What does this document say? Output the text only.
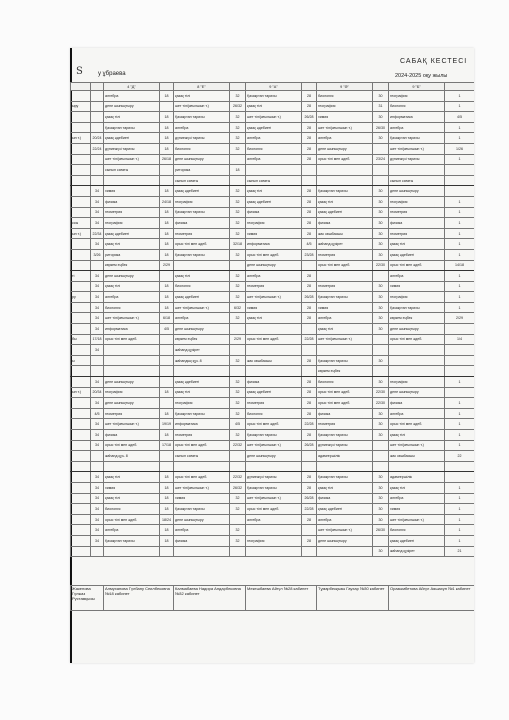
S
САБАҚ КЕСТЕСІ
у ұбраева	2024-2025 оқу жылы
		4 "Д"		8 "Е"		9 "А"		9 "Ә"		9 "Б"	
		алгебра	18	қазақ тілі	32	Қазақстан тарихы	28	биология	30	география	1
ыру		дене шынықтыру		шет тілі(ағылшын т.)	26/32	қазақ тілі	28	география	31	биология	1
		қазақ тілі	18	Қазақстан тарихы	32	шет тілі(ағылшын т.)	26/28	химия	30	информатика	4/5
		Қазақстан тарихы	18	алгебра	32	қазақ әдебиеті	28	шет тілі(ағылшын т.)	26/30	алгебра	1
ын т.)	20/24	қазақ әдебиеті	18	дүниежүзі тарихы	32	алгебра	28	алгебра	30	Қазақстан тарихы	1
	22/24	дүниежүзі тарихы	18	биология	32	биология	28	дене шынықтыру		шет тілі(ағылшын т.)	1/26
		шет тілі(ағылшын т.)	26/18	дене шынықтыру		алгебра	28	орыс тілі мен әдеб.	23/24	дүниежүзі тарихы	1
		сынып сағаты		риторика	18						
				сынып сағаты		сынып сағаты				сынып сағаты	
	34	химия	18	қазақ әдебиеті	32	қазақ тілі	28	Қазақстан тарихы	30	дене шынықтыру	
	34	физика	24/18	география	32	қазақ әдебиеті	28	қазақ тілі	30	география	1
	34	геометрия	18	Қазақстан тарихы	32	физика	28	қазақ әдебиеті	30	геометрия	1
ссы	34	география	18	физика	32	география	28	физика	30	физика	1
ын т.)	22/34	қазақ әдебиеті	18	геометрия	32	химия	28	жас көшбасшы	30	геометрия	1
	34	қазақ тілі	18	орыс тілі мен әдеб.	32/18	информатика	4/5	жаһанд.құзірет	30	қазақ тілі	1
	3/26	риторика	18	Қазақстан тарихы	32	орыс тілі мен әдеб.	23/28	геометрия	30	қазақ әдебиеті	1
		көркем еңбек	2/29			дене шынықтыру		орыс тілі мен әдеб.	22/30	орыс тілі мен әдеб.	14/18
ті	34	дене шынықтыру		қазақ тілі	32	алгебра	28			алгебра	1
	34	қазақ тілі	18	биология	32	геометрия	28	геометрия	30	химия	1
ру	34	алгебра	18	қазақ әдебиеті	32	шет тілі(ағылшын т.)	26/28	Қазақстан тарихы	30	география	1
	34	биология	18	шет тілі(ағылшын т.)	6/32	химия	28	химия	30	Қазақстан тарихы	1
	34	шет тілі(ағылшын т.)	6/18	алгебра	32	қазақ тілі	28	алгебра	30	көркем еңбек	2/29
	34	информатика	4/5	дене шынықтыру				қазақ тілі	30	дене шынықтыру	
бы	17/18	орыс тілі мен әдеб.		көркем еңбек	2/29	орыс тілі мен әдеб.	22/28	шет тілі(ағылшын т.)		орыс тілі мен әдеб.	1/4
	34			жаһанд.құзірет							
ы				жаһандық құз. 8	32	жас көшбасшы	28	Қазақстан тарихы	30		
								көркем еңбек			
	34	дене шынықтыру		қазақ әдебиеті	32	физика	28	биология	30	география	1
ын т.)	20/34	география	18	қазақ тілі	32	қазақ әдебиеті	28	орыс тілі мен әдеб.	22/30	дене шынықтыру	
	34	дене шынықтыру		география	32	геометрия	28	орыс тілі мен әдеб.	22/30	физика	1
	4/5	геометрия	18	Қазақстан тарихы	32	биология	28	физика	30	алгебра	1
	34	шет тілі(ағылшын т.)	19/19	информатика	4/5	орыс тілі мен әдеб.	22/28	геометрия	30	орыс тілі мен әдеб.	1
	34	физика	18	геометрия	32	Қазақстан тарихы	28	Қазақстан тарихы	30	қазақ тілі	1
	34	орыс тілі мен әдеб.	17/18	орыс тілі мен әдеб.	22/32	шет тілі(ағылшын т.)	26/28	дүниежүзі тарихы		шет тілі(ағылшын т.)	1
		жаһанд.құз- 8		сынып сағаты		дене шынықтыру		адамгершілік		жас көшбасшы	22

	34	қазақ тілі	18	орыс тілі мен әдеб.	22/32	дүниежүзі тарихы	28	Қазақстан тарихы	30	адамгершілік	
	34	химия	18	шет тілі(ағылшын т.)	26/32	Қазақстан тарихы	28	қазақ тілі	30	қазақ тілі	1
	34	қазақ тілі	18	химия	32	шет тілі(ағылшын т.)	26/28	физика	30	алгебра	1
	34	биология	18	Қазақстан тарихы	32	орыс тілі мен әдеб.	22/28	қазақ әдебиеті	30	химия	1
	34	орыс тілі мен әдеб.	18/24	дене шынықтыру		алгебра	28	алгебра	30	шет тілі(ағылшын т.)	1
	34	алгебра	18	алгебра	32			шет тілі(ағылшын т.)	26/30	биология	1
	34	Қазақстан тарихы	18	физика	32	география	28	дене шынықтыру		қазақ әдебиеті	1
									30	жаһанд.құзірет	21
Жакенова Гүлжаз Рүстамқызы	Алмуханова Гүлбану Сеилбековна №18 кабинет	Калмабаева Надира Андарбековна №32 кабинет	Мекешбаева Айгүл №28 кабинет	Тұмарбекқызы Гаухар №30 кабинет	Оразымбетова Айгүл Аяшахун №1 кабинет
